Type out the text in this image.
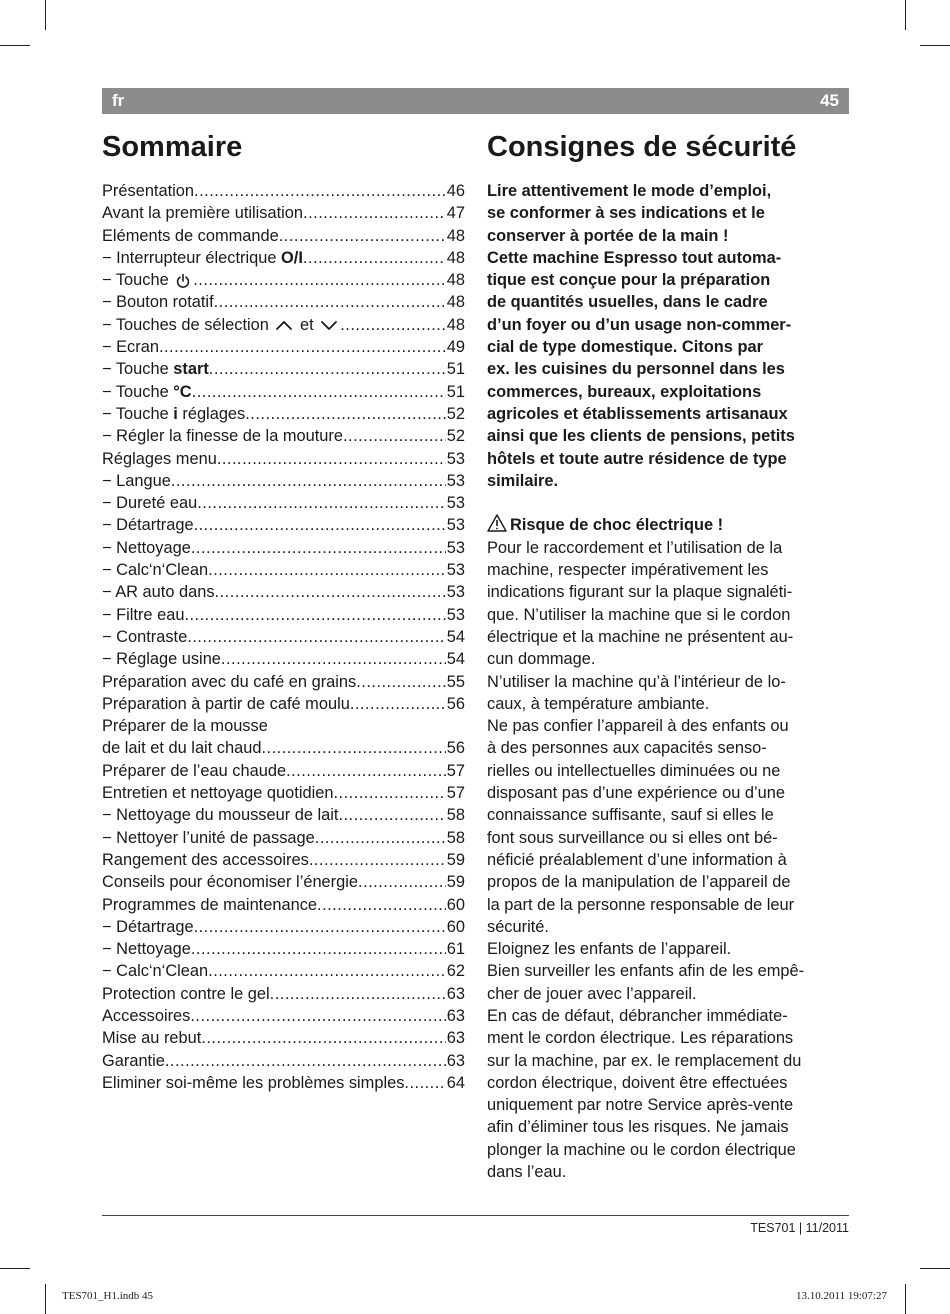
fr	45
Sommaire	Consignes de sécurité
Présentation .....	46
Avant la première utilisation .....	47
Eléments de commande .....	48
− Interrupteur électrique O/I .....	48
− Touche .....	48
− Bouton rotatif .....	48
− Touches de sélection  et .....	48
− Ecran .....	49
− Touche start .....	51
− Touche °C .....	51
− Touche i réglages .....	52
− Régler la finesse de la mouture .....	52
Réglages menu .....	53
− Langue .....	53
− Dureté eau .....	53
− Détartrage .....	53
− Nettoyage .....	53
− Calc‘n‘Clean .....	53
− AR auto dans .....	53
− Filtre eau .....	53
− Contraste .....	54
− Réglage usine .....	54
Préparation avec du café en grains .....	55
Préparation à partir de café moulu .....	56
Préparer de la mousse
de lait et du lait chaud .....	56
Préparer de l’eau chaude .....	57
Entretien et nettoyage quotidien .....	57
− Nettoyage du mousseur de lait .....	58
− Nettoyer l’unité de passage .....	58
Rangement des accessoires .....	59
Conseils pour économiser l’énergie .....	59
Programmes de maintenance .....	60
− Détartrage .....	60
− Nettoyage .....	61
− Calc‘n‘Clean .....	62
Protection contre le gel .....	63
Accessoires .....	63
Mise au rebut .....	63
Garantie .....	63
Eliminer soi-même les problèmes simples .....	64

Lire attentivement le mode d’emploi,

se conformer à ses indications et le

conserver à portée de la main !

Cette machine Espresso tout automa-

tique est conçue pour la préparation

de quantités usuelles, dans le cadre

d’un foyer ou d’un usage non-commer-

cial de type domestique. Citons par

ex. les cuisines du personnel dans les

commerces, bureaux, exploitations

agricoles et établissements artisanaux

ainsi que les clients de pensions, petits

hôtels et toute autre résidence de type

similaire.

Risque de choc électrique !

Pour le raccordement et l’utilisation de la

machine, respecter impérativement les

indications figurant sur la plaque signaléti-

que. N’utiliser la machine que si le cordon

électrique et la machine ne présentent au-

cun dommage.

N’utiliser la machine qu’à l’intérieur de lo-

caux, à température ambiante.

Ne pas confier l’appareil à des enfants ou

à des personnes aux capacités senso-

rielles ou intellectuelles diminuées ou ne

disposant pas d’une expérience ou d’une

connaissance suffisante, sauf si elles le

font sous surveillance ou si elles ont bé-

néficié préalablement d’une information à

propos de la manipulation de l’appareil de

la part de la personne responsable de leur

sécurité.

Eloignez les enfants de l’appareil.

Bien surveiller les enfants afin de les empê-

cher de jouer avec l’appareil.

En cas de défaut, débrancher immédiate-

ment le cordon électrique. Les réparations

sur la machine, par ex. le remplacement du

cordon électrique, doivent être effectuées

uniquement par notre Service après-vente

afin d’éliminer tous les risques. Ne jamais

plonger la machine ou le cordon électrique

dans l’eau.

TES701 | 11/2011
TES701_H1.indb 45	13.10.2011 19:07:27
